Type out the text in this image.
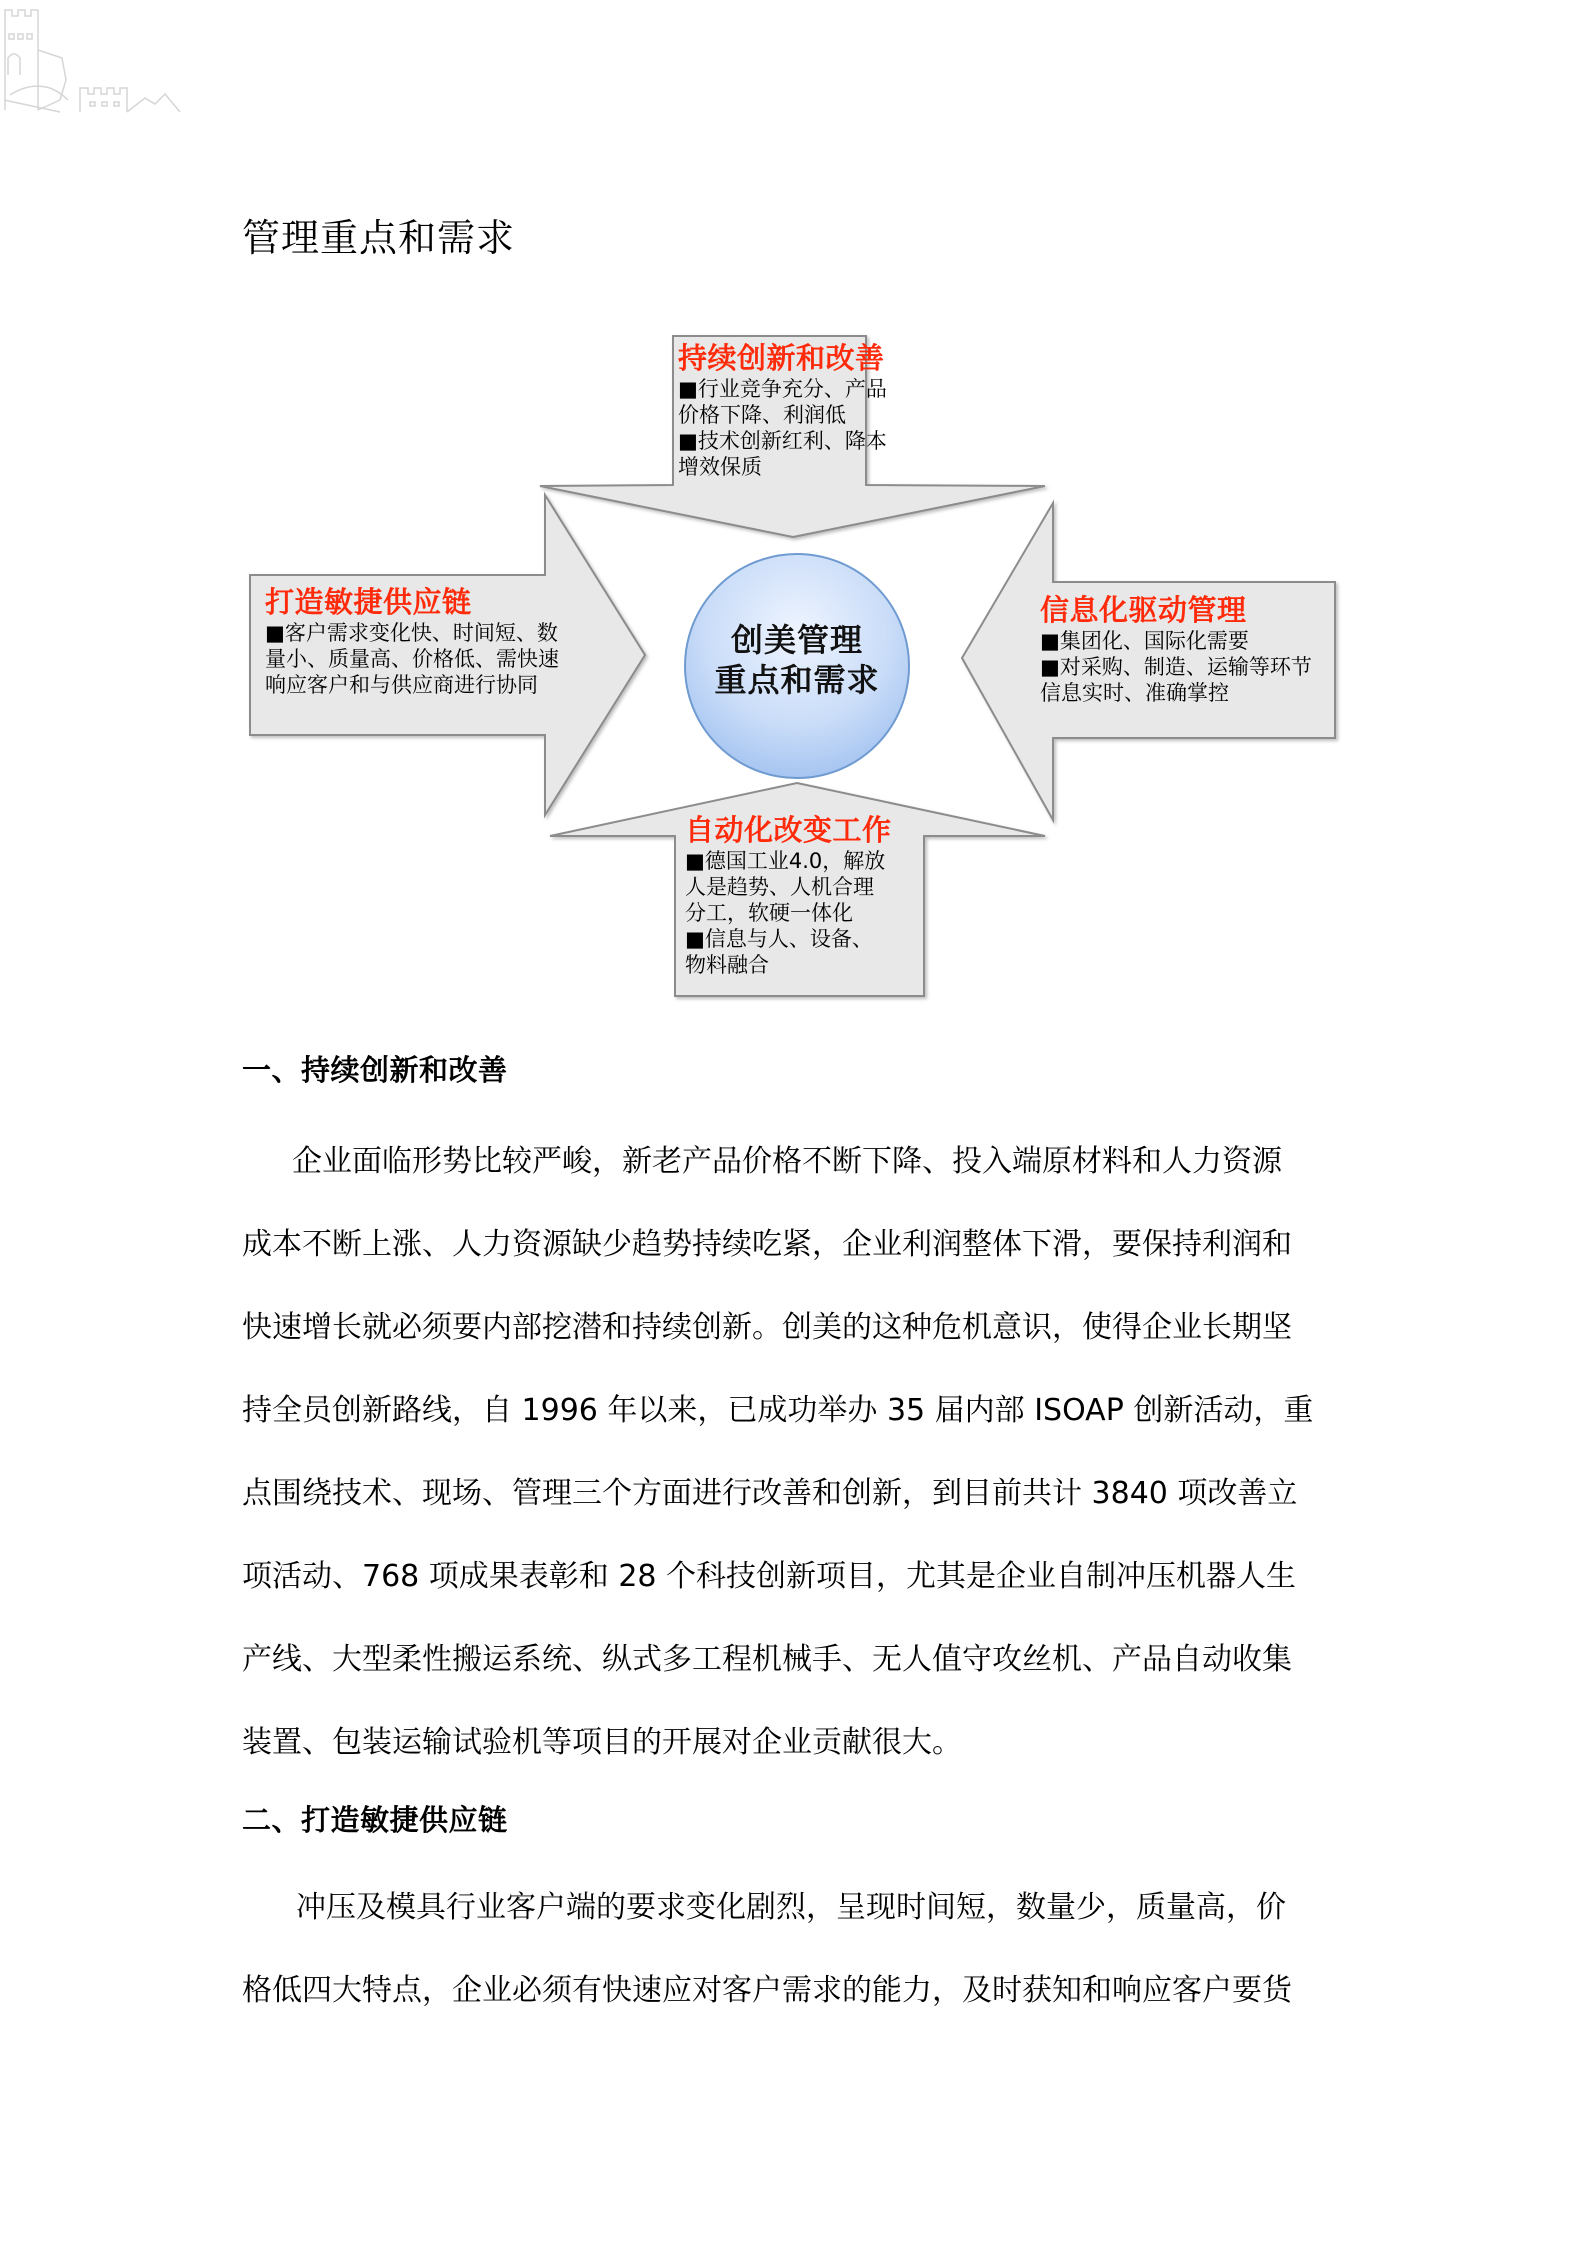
管理重点和需求
持续创新和改善
■行业竞争充分、产品
价格下降、利润低
■技术创新红利、降本
增效保质
打造敏捷供应链
■客户需求变化快、时间短、数
量小、质量高、价格低、需快速
响应客户和与供应商进行协同
信息化驱动管理
■集团化、国际化需要
■对采购、制造、运输等环节
信息实时、准确掌控
自动化改变工作
■德国工业4.0，解放
人是趋势、人机合理
分工，软硬一体化
■信息与人、设备、
物料融合
创美管理
重点和需求
一、持续创新和改善
企业面临形势比较严峻，新老产品价格不断下降、投入端原材料和人力资源
成本不断上涨、人力资源缺少趋势持续吃紧，企业利润整体下滑，要保持利润和
快速增长就必须要内部挖潜和持续创新。创美的这种危机意识，使得企业长期坚
持全员创新路线，自 1996 年以来，已成功举办 35 届内部 ISOAP 创新活动，重
点围绕技术、现场、管理三个方面进行改善和创新，到目前共计 3840 项改善立
项活动、768 项成果表彰和 28 个科技创新项目，尤其是企业自制冲压机器人生
产线、大型柔性搬运系统、纵式多工程机械手、无人值守攻丝机、产品自动收集
装置、包装运输试验机等项目的开展对企业贡献很大。
二、打造敏捷供应链
冲压及模具行业客户端的要求变化剧烈，呈现时间短，数量少，质量高，价
格低四大特点，企业必须有快速应对客户需求的能力，及时获知和响应客户要货
